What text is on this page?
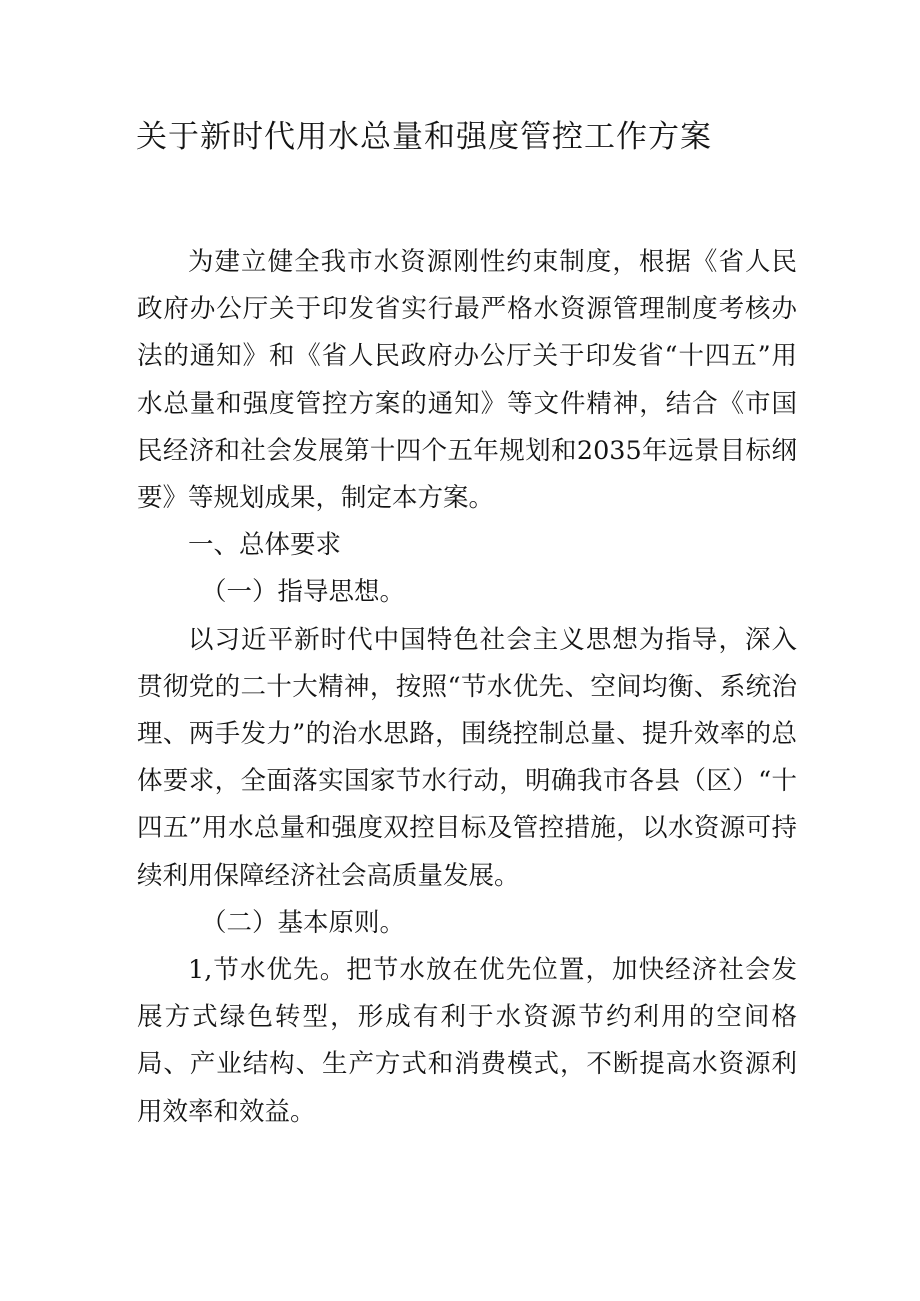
关于新时代用水总量和强度管控工作方案

为建立健全我市水资源刚性约束制度，根据《省人民政府办公厅关于印发省实行最严格水资源管理制度考核办法的通知》和《省人民政府办公厅关于印发省“十四五”用水总量和强度管控方案的通知》等文件精神，结合《市国民经济和社会发展第十四个五年规划和2035年远景目标纲要》等规划成果，制定本方案。

一、总体要求

（一）指导思想。

以习近平新时代中国特色社会主义思想为指导，深入贯彻党的二十大精神，按照“节水优先、空间均衡、系统治理、两手发力”的治水思路，围绕控制总量、提升效率的总体要求，全面落实国家节水行动，明确我市各县（区）“十四五”用水总量和强度双控目标及管控措施，以水资源可持续利用保障经济社会高质量发展。

（二）基本原则。

1,节水优先。把节水放在优先位置，加快经济社会发展方式绿色转型，形成有利于水资源节约利用的空间格局、产业结构、生产方式和消费模式，不断提高水资源利用效率和效益。
